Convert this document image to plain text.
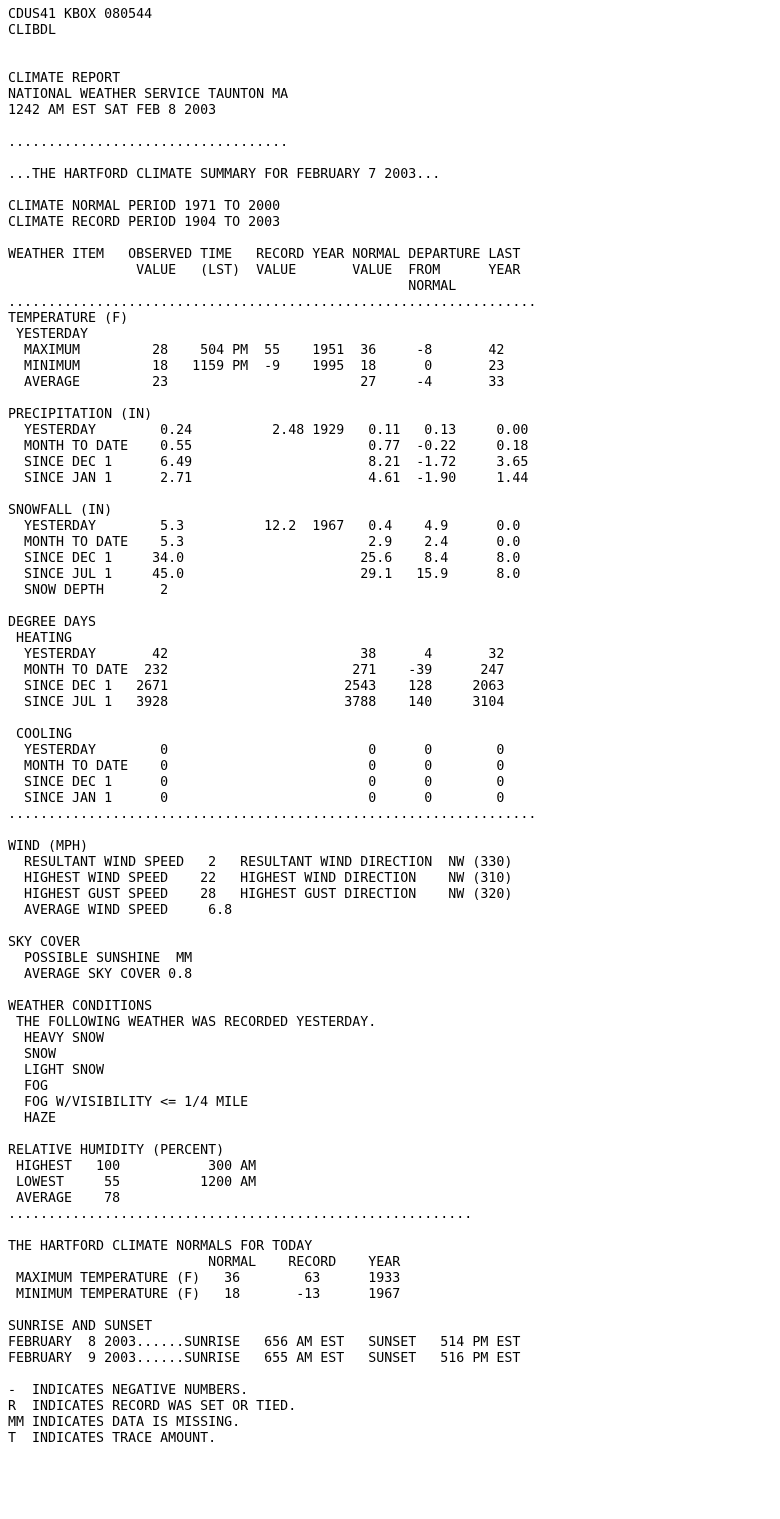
CDUS41 KBOX 080544
CLIBDL
CLIMATE REPORT
NATIONAL WEATHER SERVICE TAUNTON MA
1242 AM EST SAT FEB 8 2003
...................................
...THE HARTFORD CLIMATE SUMMARY FOR FEBRUARY 7 2003...
CLIMATE NORMAL PERIOD 1971 TO 2000
CLIMATE RECORD PERIOD 1904 TO 2003
WEATHER ITEM   OBSERVED TIME   RECORD YEAR NORMAL DEPARTURE LAST
VALUE   (LST)  VALUE       VALUE  FROM      YEAR
NORMAL
..................................................................
TEMPERATURE (F)
YESTERDAY
MAXIMUM         28    504 PM  55    1951  36     -8       42
MINIMUM         18   1159 PM  -9    1995  18      0       23
AVERAGE         23                        27     -4       33
PRECIPITATION (IN)
YESTERDAY        0.24          2.48 1929   0.11   0.13     0.00
MONTH TO DATE    0.55                      0.77  -0.22     0.18
SINCE DEC 1      6.49                      8.21  -1.72     3.65
SINCE JAN 1      2.71                      4.61  -1.90     1.44
SNOWFALL (IN)
YESTERDAY        5.3          12.2  1967   0.4    4.9      0.0
MONTH TO DATE    5.3                       2.9    2.4      0.0
SINCE DEC 1     34.0                      25.6    8.4      8.0
SINCE JUL 1     45.0                      29.1   15.9      8.0
SNOW DEPTH       2
DEGREE DAYS
HEATING
YESTERDAY       42                        38      4       32
MONTH TO DATE  232                       271    -39      247
SINCE DEC 1   2671                      2543    128     2063
SINCE JUL 1   3928                      3788    140     3104
COOLING
YESTERDAY        0                         0      0        0
MONTH TO DATE    0                         0      0        0
SINCE DEC 1      0                         0      0        0
SINCE JAN 1      0                         0      0        0
..................................................................
WIND (MPH)
RESULTANT WIND SPEED   2   RESULTANT WIND DIRECTION  NW (330)
HIGHEST WIND SPEED    22   HIGHEST WIND DIRECTION    NW (310)
HIGHEST GUST SPEED    28   HIGHEST GUST DIRECTION    NW (320)
AVERAGE WIND SPEED     6.8
SKY COVER
POSSIBLE SUNSHINE  MM
AVERAGE SKY COVER 0.8
WEATHER CONDITIONS
THE FOLLOWING WEATHER WAS RECORDED YESTERDAY.
HEAVY SNOW
SNOW
LIGHT SNOW
FOG
FOG W/VISIBILITY <= 1/4 MILE
HAZE
RELATIVE HUMIDITY (PERCENT)
HIGHEST   100           300 AM
LOWEST     55          1200 AM
AVERAGE    78
..........................................................
THE HARTFORD CLIMATE NORMALS FOR TODAY
NORMAL    RECORD    YEAR
MAXIMUM TEMPERATURE (F)   36        63      1933
MINIMUM TEMPERATURE (F)   18       -13      1967
SUNRISE AND SUNSET
FEBRUARY  8 2003......SUNRISE   656 AM EST   SUNSET   514 PM EST
FEBRUARY  9 2003......SUNRISE   655 AM EST   SUNSET   516 PM EST
-  INDICATES NEGATIVE NUMBERS.
R  INDICATES RECORD WAS SET OR TIED.
MM INDICATES DATA IS MISSING.
T  INDICATES TRACE AMOUNT.
